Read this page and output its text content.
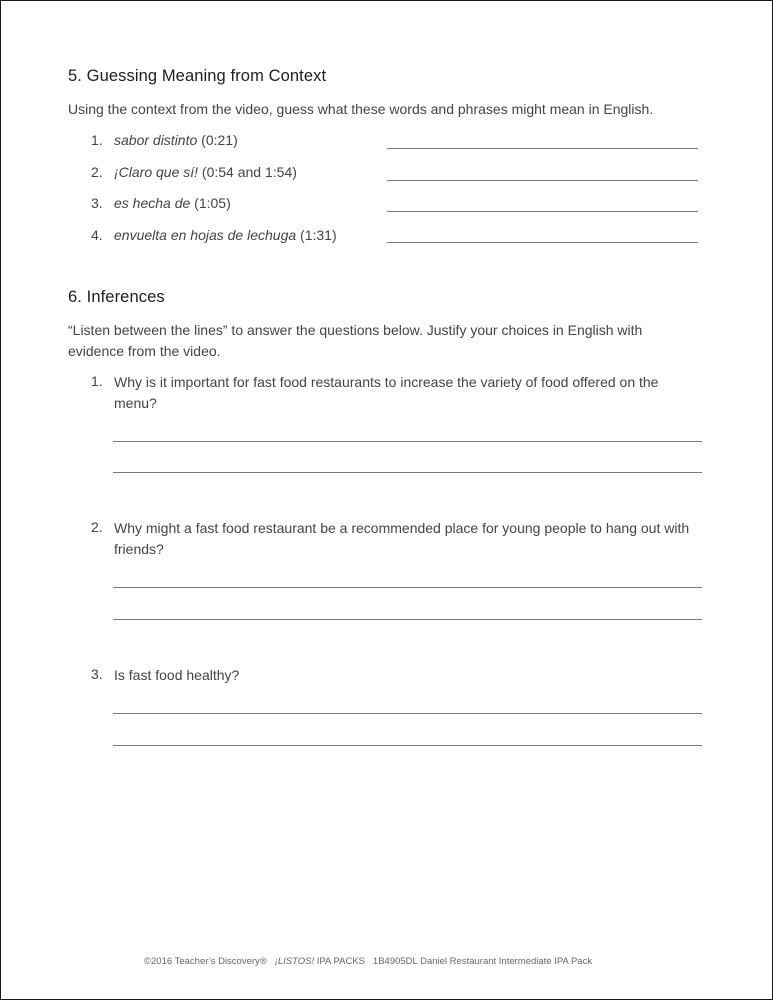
5. Guessing Meaning from Context
Using the context from the video, guess what these words and phrases might mean in English.
1. sabor distinto (0:21)
2. ¡Claro que sí! (0:54 and 1:54)
3. es hecha de (1:05)
4. envuelta en hojas de lechuga (1:31)
6. Inferences
“Listen between the lines” to answer the questions below. Justify your choices in English with evidence from the video.
1. Why is it important for fast food restaurants to increase the variety of food offered on the menu?
2. Why might a fast food restaurant be a recommended place for young people to hang out with friends?
3. Is fast food healthy?
©2016 Teacher’s Discovery® ¡LISTOS! IPA PACKS 1B4905DL Daniel Restaurant Intermediate IPA Pack
